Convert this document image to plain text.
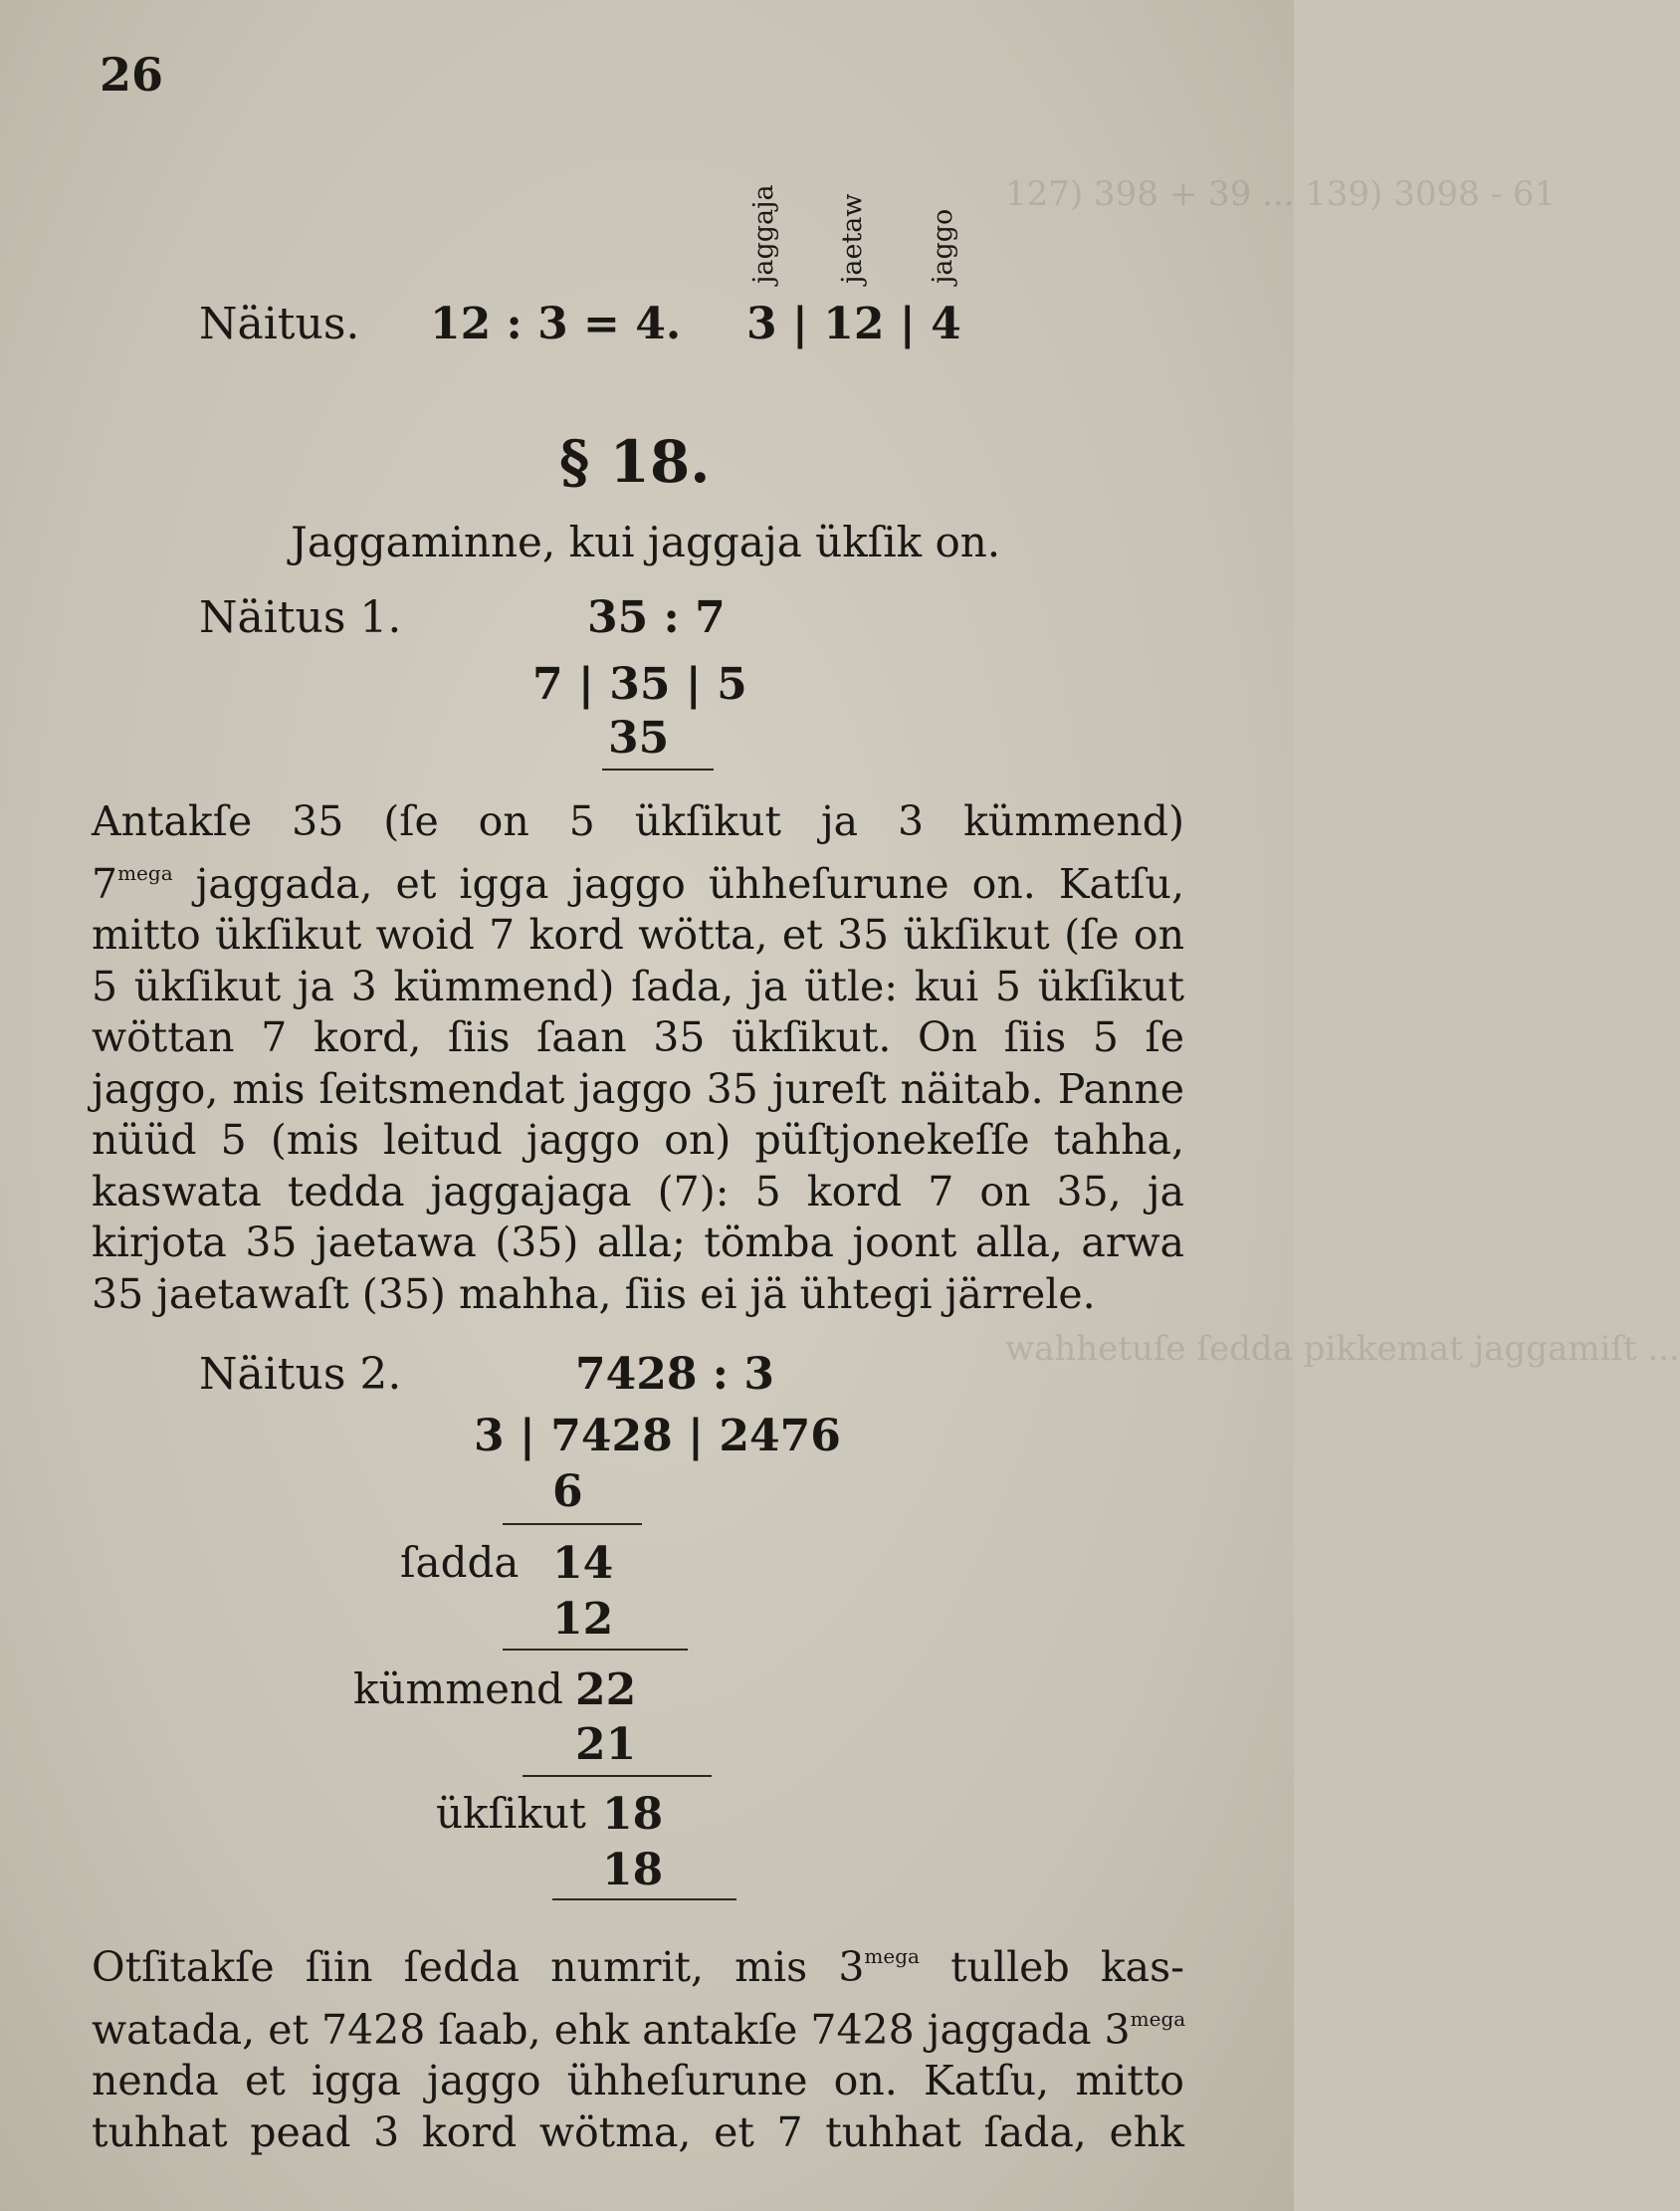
127) 398 + 39 ... 139) 3098 - 61
wahhetuſe ſedda pikkemat jaggamiſt ...
26
Näitus. 12 : 3 = 4.
jaggaja jaetaw jaggo
3 | 12 | 4
§ 18.
Jaggaminne, kui jaggaja ükſik on.
Näitus 1.	35 : 7
7 | 35 | 5
35
Antakſe 35 (ſe on 5 ükſikut ja 3 kümmend)
$7^{mega}$ jaggada, et igga jaggo ühheſurune on. Katſu,
mitto ükſikut woid 7 kord wötta, et 35 ükſikut (ſe on
5 ükſikut ja 3 kümmend) ſada, ja ütle: kui 5 ükſikut
wöttan 7 kord, ſiis ſaan 35 ükſikut. On ſiis 5 ſe
jaggo, mis ſeitsmendat jaggo 35 jureſt näitab. Panne
nüüd 5 (mis leitud jaggo on) püſtjonekeſſe tahha,
kaswata tedda jaggajaga (7): 5 kord 7 on 35, ja
kirjota 35 jaetawa (35) alla; tömba joont alla, arwa
35 jaetawaſt (35) mahha, ſiis ei jä ühtegi järrele.
Näitus 2.	7428 : 3
3 | 7428 | 2476
6
ſadda 14
12
kümmend 22
21
ükſikut 18
18
Otſitakſe ſiin ſedda numrit, mis $3^{mega}$ tulleb kas-
watada, et 7428 ſaab, ehk antakſe 7428 jaggada $3^{mega}$
nenda et igga jaggo ühheſurune on. Katſu, mitto
tuhhat pead 3 kord wötma, et 7 tuhhat ſada, ehk
